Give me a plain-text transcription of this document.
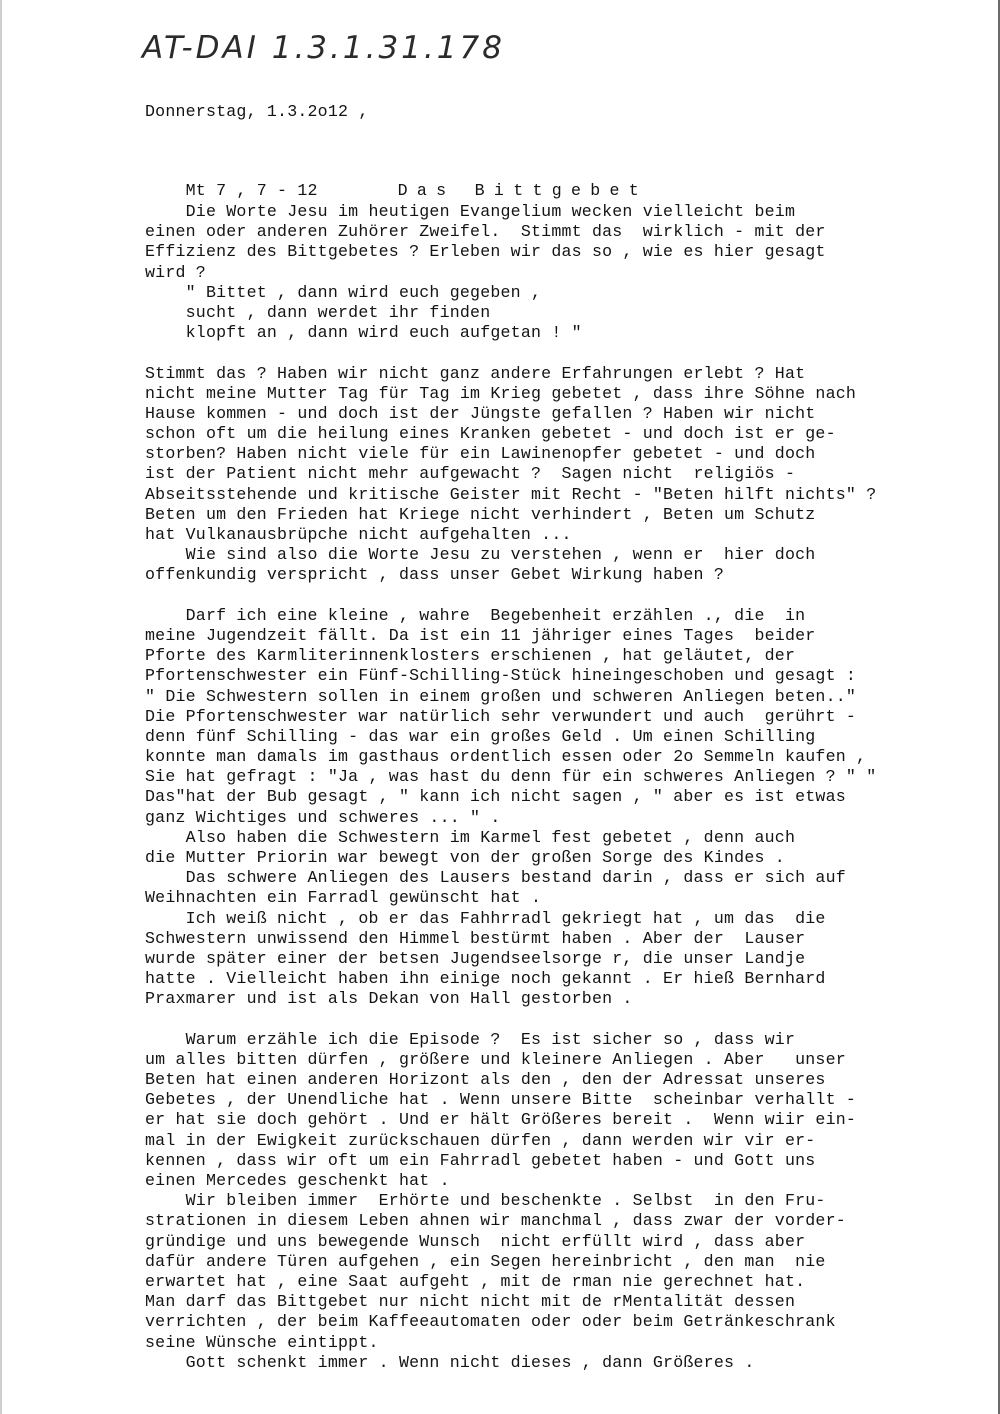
AT-DAI 1.3.1.31.178
Donnerstag, 1.3.2o12 ,

Mt 7 , 7 - 12	Das Bittgebet

Die Worte Jesu im heutigen Evangelium wecken vielleicht beim
einen oder anderen Zuhörer Zweifel.  Stimmt das  wirklich - mit der
Effizienz des Bittgebetes ? Erleben wir das so , wie es hier gesagt
wird ?
" Bittet , dann wird euch gegeben ,
sucht , dann werdet ihr finden
klopft an , dann wird euch aufgetan ! "
Stimmt das ? Haben wir nicht ganz andere Erfahrungen erlebt ? Hat
nicht meine Mutter Tag für Tag im Krieg gebetet , dass ihre Söhne nach
Hause kommen - und doch ist der Jüngste gefallen ? Haben wir nicht
schon oft um die heilung eines Kranken gebetet - und doch ist er ge-
storben? Haben nicht viele für ein Lawinenopfer gebetet - und doch
ist der Patient nicht mehr aufgewacht ?  Sagen nicht  religiös -
Abseitsstehende und kritische Geister mit Recht - "Beten hilft nichts" ?
Beten um den Frieden hat Kriege nicht verhindert , Beten um Schutz
hat Vulkanausbrüpche nicht aufgehalten ...
Wie sind also die Worte Jesu zu verstehen , wenn er  hier doch
offenkundig verspricht , dass unser Gebet Wirkung haben ?
Darf ich eine kleine , wahre  Begebenheit erzählen ., die  in
meine Jugendzeit fällt. Da ist ein 11 jähriger eines Tages  beider
Pforte des Karmliterinnenklosters erschienen , hat geläutet, der
Pfortenschwester ein Fünf-Schilling-Stück hineingeschoben und gesagt :
" Die Schwestern sollen in einem großen und schweren Anliegen beten.."
Die Pfortenschwester war natürlich sehr verwundert und auch  gerührt -
denn fünf Schilling - das war ein großes Geld . Um einen Schilling
konnte man damals im gasthaus ordentlich essen oder 2o Semmeln kaufen ,
Sie hat gefragt : "Ja , was hast du denn für ein schweres Anliegen ? " "
Das"hat der Bub gesagt , " kann ich nicht sagen , " aber es ist etwas
ganz Wichtiges und schweres ... " .
Also haben die Schwestern im Karmel fest gebetet , denn auch
die Mutter Priorin war bewegt von der großen Sorge des Kindes .
Das schwere Anliegen des Lausers bestand darin , dass er sich auf
Weihnachten ein Farradl gewünscht hat .
Ich weiß nicht , ob er das Fahhrradl gekriegt hat , um das  die
Schwestern unwissend den Himmel bestürmt haben . Aber der  Lauser
wurde später einer der betsen Jugendseelsorge r, die unser Landje
hatte . Vielleicht haben ihn einige noch gekannt . Er hieß Bernhard
Praxmarer und ist als Dekan von Hall gestorben .
Warum erzähle ich die Episode ?  Es ist sicher so , dass wir
um alles bitten dürfen , größere und kleinere Anliegen . Aber   unser
Beten hat einen anderen Horizont als den , den der Adressat unseres
Gebetes , der Unendliche hat . Wenn unsere Bitte  scheinbar verhallt -
er hat sie doch gehört . Und er hält Größeres bereit .  Wenn wiir ein-
mal in der Ewigkeit zurückschauen dürfen , dann werden wir vir er-
kennen , dass wir oft um ein Fahrradl gebetet haben - und Gott uns
einen Mercedes geschenkt hat .
Wir bleiben immer  Erhörte und beschenkte . Selbst  in den Fru-
strationen in diesem Leben ahnen wir manchmal , dass zwar der vorder-
gründige und uns bewegende Wunsch  nicht erfüllt wird , dass aber
dafür andere Türen aufgehen , ein Segen hereinbricht , den man  nie
erwartet hat , eine Saat aufgeht , mit de rman nie gerechnet hat.
Man darf das Bittgebet nur nicht nicht mit de rMentalität dessen
verrichten , der beim Kaffeeautomaten oder oder beim Getränkeschrank
seine Wünsche eintippt.
Gott schenkt immer . Wenn nicht dieses , dann Größeres .
